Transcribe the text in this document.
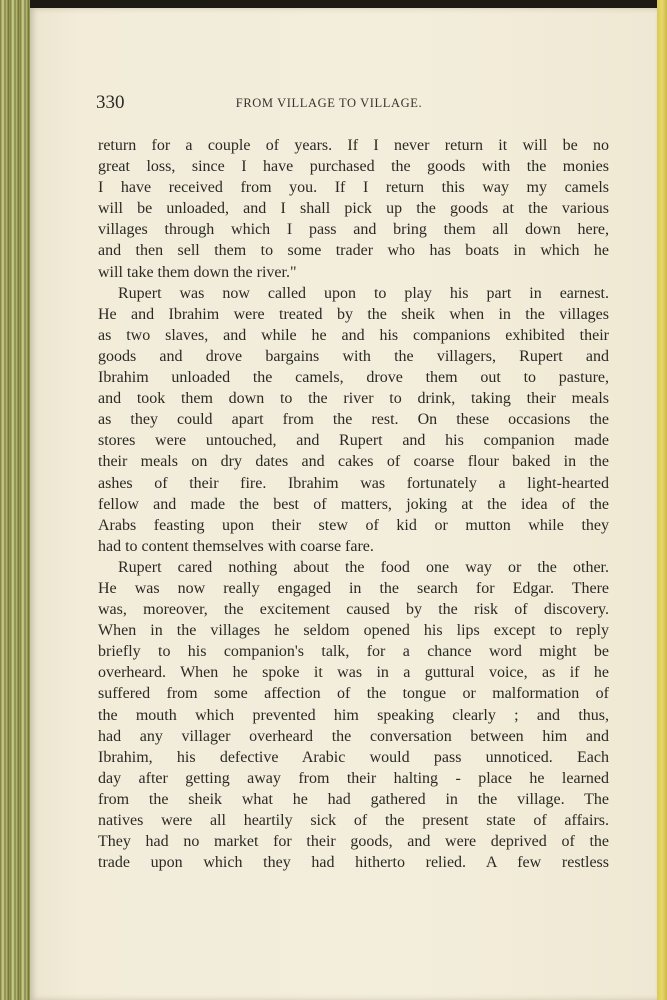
330	FROM VILLAGE TO VILLAGE.
return for a couple of years. If I never return it will be no
great loss, since I have purchased the goods with the monies
I have received from you. If I return this way my camels
will be unloaded, and I shall pick up the goods at the various
villages through which I pass and bring them all down here,
and then sell them to some trader who has boats in which he
will take them down the river."
Rupert was now called upon to play his part in earnest.
He and Ibrahim were treated by the sheik when in the villages
as two slaves, and while he and his companions exhibited their
goods and drove bargains with the villagers, Rupert and
Ibrahim unloaded the camels, drove them out to pasture,
and took them down to the river to drink, taking their meals
as they could apart from the rest. On these occasions the
stores were untouched, and Rupert and his companion made
their meals on dry dates and cakes of coarse flour baked in the
ashes of their fire. Ibrahim was fortunately a light-hearted
fellow and made the best of matters, joking at the idea of the
Arabs feasting upon their stew of kid or mutton while they
had to content themselves with coarse fare.
Rupert cared nothing about the food one way or the other.
He was now really engaged in the search for Edgar. There
was, moreover, the excitement caused by the risk of discovery.
When in the villages he seldom opened his lips except to reply
briefly to his companion's talk, for a chance word might be
overheard. When he spoke it was in a guttural voice, as if he
suffered from some affection of the tongue or malformation of
the mouth which prevented him speaking clearly ; and thus,
had any villager overheard the conversation between him and
Ibrahim, his defective Arabic would pass unnoticed. Each
day after getting away from their halting - place he learned
from the sheik what he had gathered in the village. The
natives were all heartily sick of the present state of affairs.
They had no market for their goods, and were deprived of the
trade upon which they had hitherto relied. A few restless
